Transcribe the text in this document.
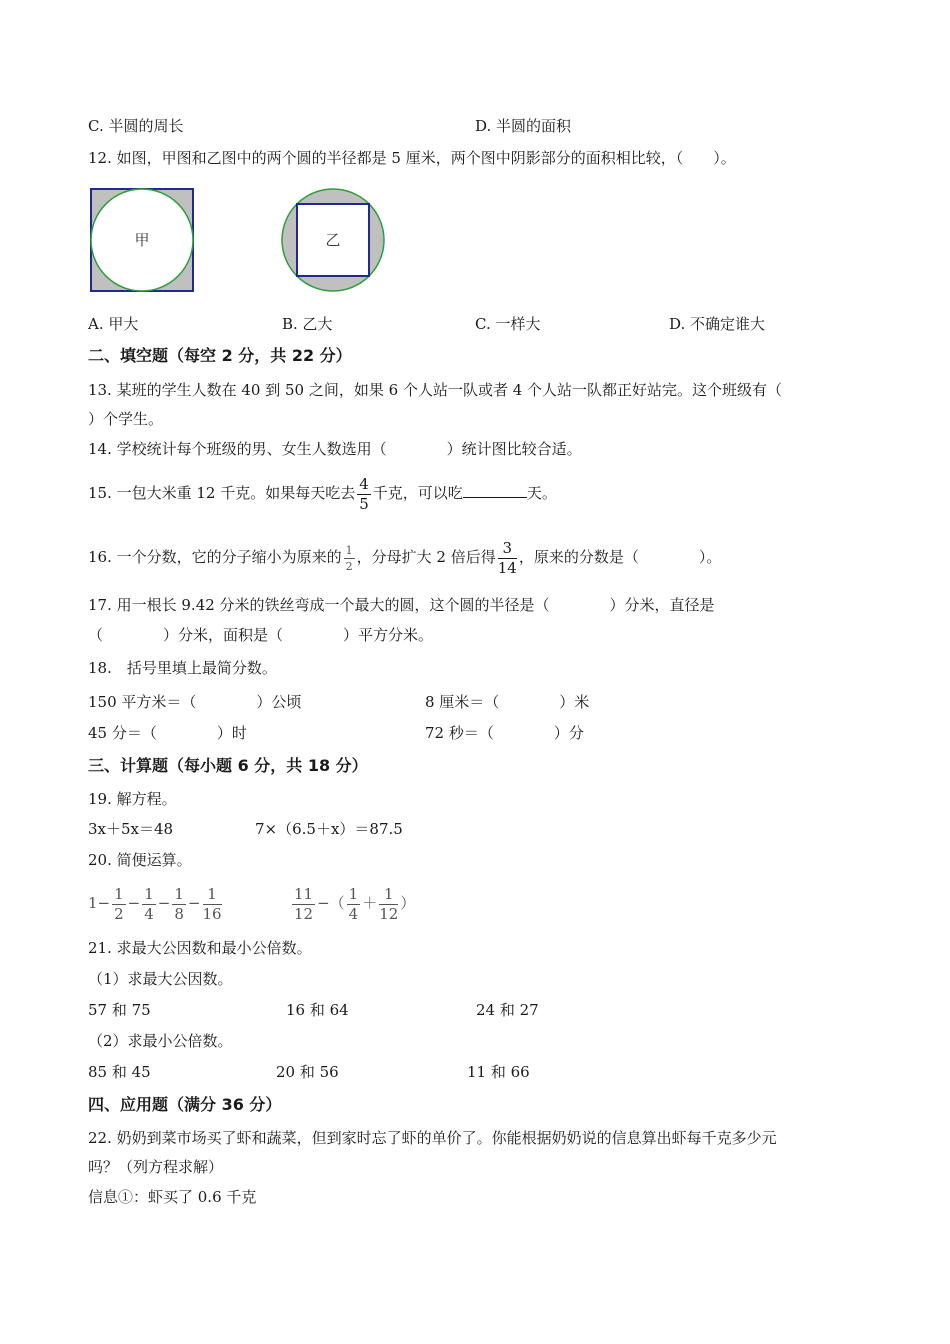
C. 半圆的周长	D. 半圆的面积
12. 如图，甲图和乙图中的两个圆的半径都是 5 厘米，两个图中阴影部分的面积相比较，（　　）。
甲	乙
A. 甲大	B. 乙大	C. 一样大	D. 不确定谁大
二、填空题（每空 2 分，共 22 分）
13. 某班的学生人数在 40 到 50 之间，如果 6 个人站一队或者 4 个人站一队都正好站完。这个班级有（
）个学生。
14. 学校统计每个班级的男、女生人数选用（　　　　）统计图比较合适。
15. 一包大米重 12 千克。如果每天吃去 $\frac{4}{5}$ 千克，可以吃	天。
16. 一个分数，它的分子缩小为原来的 $\frac{1}{2}$ ，分母扩大 2 倍后得 $\frac{3}{14}$ ，原来的分数是（　　　　）。
17. 用一根长 9.42 分米的铁丝弯成一个最大的圆，这个圆的半径是（　　　　）分米，直径是
（　　　　）分米，面积是（　　　　）平方分米。
18.　括号里填上最简分数。
150 平方米＝（　　　　）公顷	8 厘米＝（　　　　）米
45 分＝（　　　　）时	72 秒＝（　　　　）分
三、计算题（每小题 6 分，共 18 分）
19. 解方程。
3x＋5x＝48	7×（6.5＋x）＝87.5
20. 简便运算。
$1- \frac{1}{2} - \frac{1}{4} - \frac{1}{8} - \frac{1}{16}$	$\frac{11}{12}$ −（ $\frac{1}{4} + \frac{1}{12}$ ）
21. 求最大公因数和最小公倍数。
（1）求最大公因数。
57 和 75	16 和 64	24 和 27
（2）求最小公倍数。
85 和 45	20 和 56	11 和 66
四、应用题（满分 36 分）
22. 奶奶到菜市场买了虾和蔬菜，但到家时忘了虾的单价了。你能根据奶奶说的信息算出虾每千克多少元
吗？（列方程求解）
信息①：虾买了 0.6 千克
